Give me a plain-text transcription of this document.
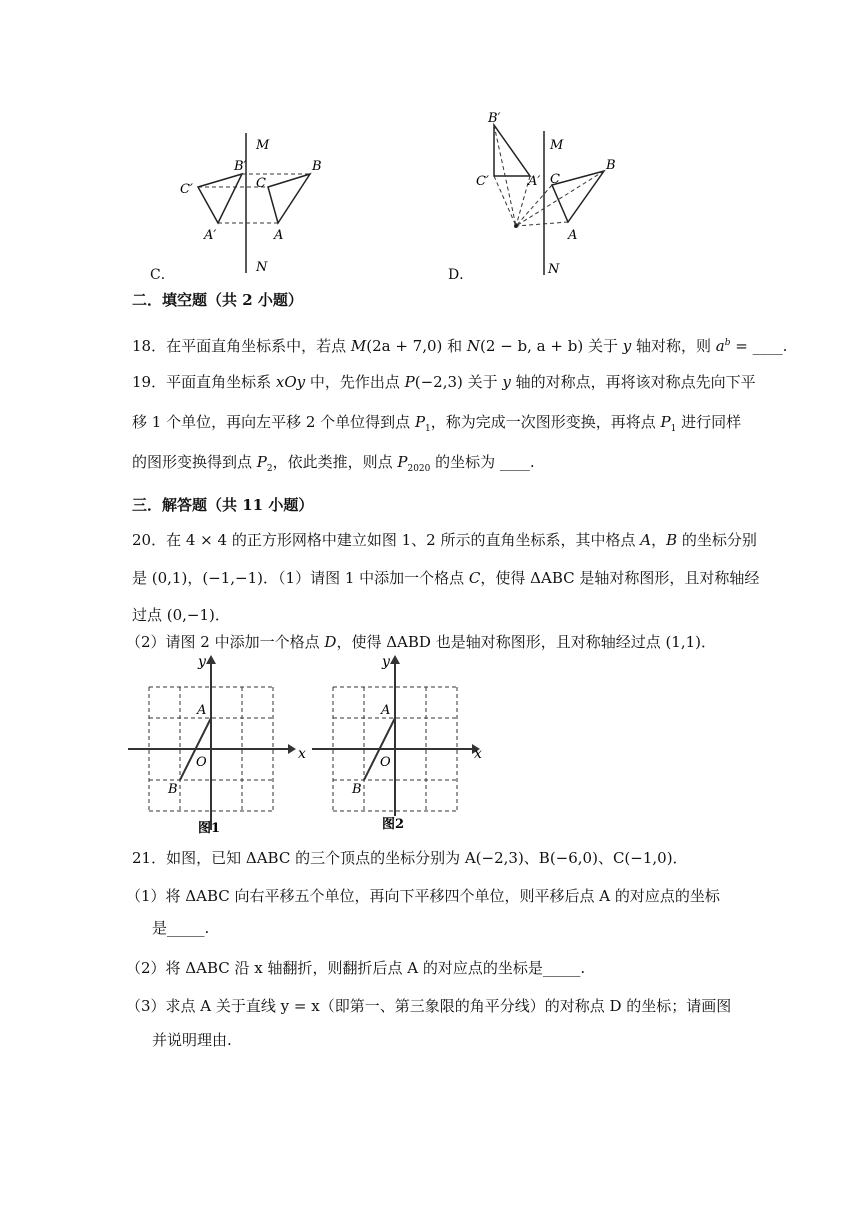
M
N
B′
C′
A′
C
B
A
C．
M
N
B′
C′	A′ C
B
A
D．
二．填空题（共 2 小题）
18．在平面直角坐标系中，若点 M(2a + 7,0) 和 N(2 − b, a + b) 关于 y 轴对称，则 $a^b$ = ____.
19．平面直角坐标系 xOy 中，先作出点 P(−2,3) 关于 y 轴的对称点，再将该对称点先向下平
移 1 个单位，再向左平移 2 个单位得到点 $P_1$，称为完成一次图形变换，再将点 $P_1$ 进行同样
的图形变换得到点 $P_2$，依此类推，则点 $P_{2020}$ 的坐标为 ____.
三．解答题（共 11 小题）
20．在 4 × 4 的正方形网格中建立如图 1、2 所示的直角坐标系，其中格点 A，B 的坐标分别
是 (0,1)，(−1,−1)．（1）请图 1 中添加一个格点 C，使得 ΔABC 是轴对称图形，且对称轴经
过点 (0,−1)．
（2）请图 2 中添加一个格点 D，使得 ΔABD 也是轴对称图形，且对称轴经过点 (1,1)．
x
y
A
O
B
图1
x
y
A
O
B
图2
21．如图，已知 ΔABC 的三个顶点的坐标分别为 A(−2,3)、B(−6,0)、C(−1,0)．
（1）将 ΔABC 向右平移五个单位，再向下平移四个单位，则平移后点 A 的对应点的坐标
是_____.
（2）将 ΔABC 沿 x 轴翻折，则翻折后点 A 的对应点的坐标是_____.
（3）求点 A 关于直线 y = x（即第一、第三象限的角平分线）的对称点 D 的坐标；请画图
并说明理由.
